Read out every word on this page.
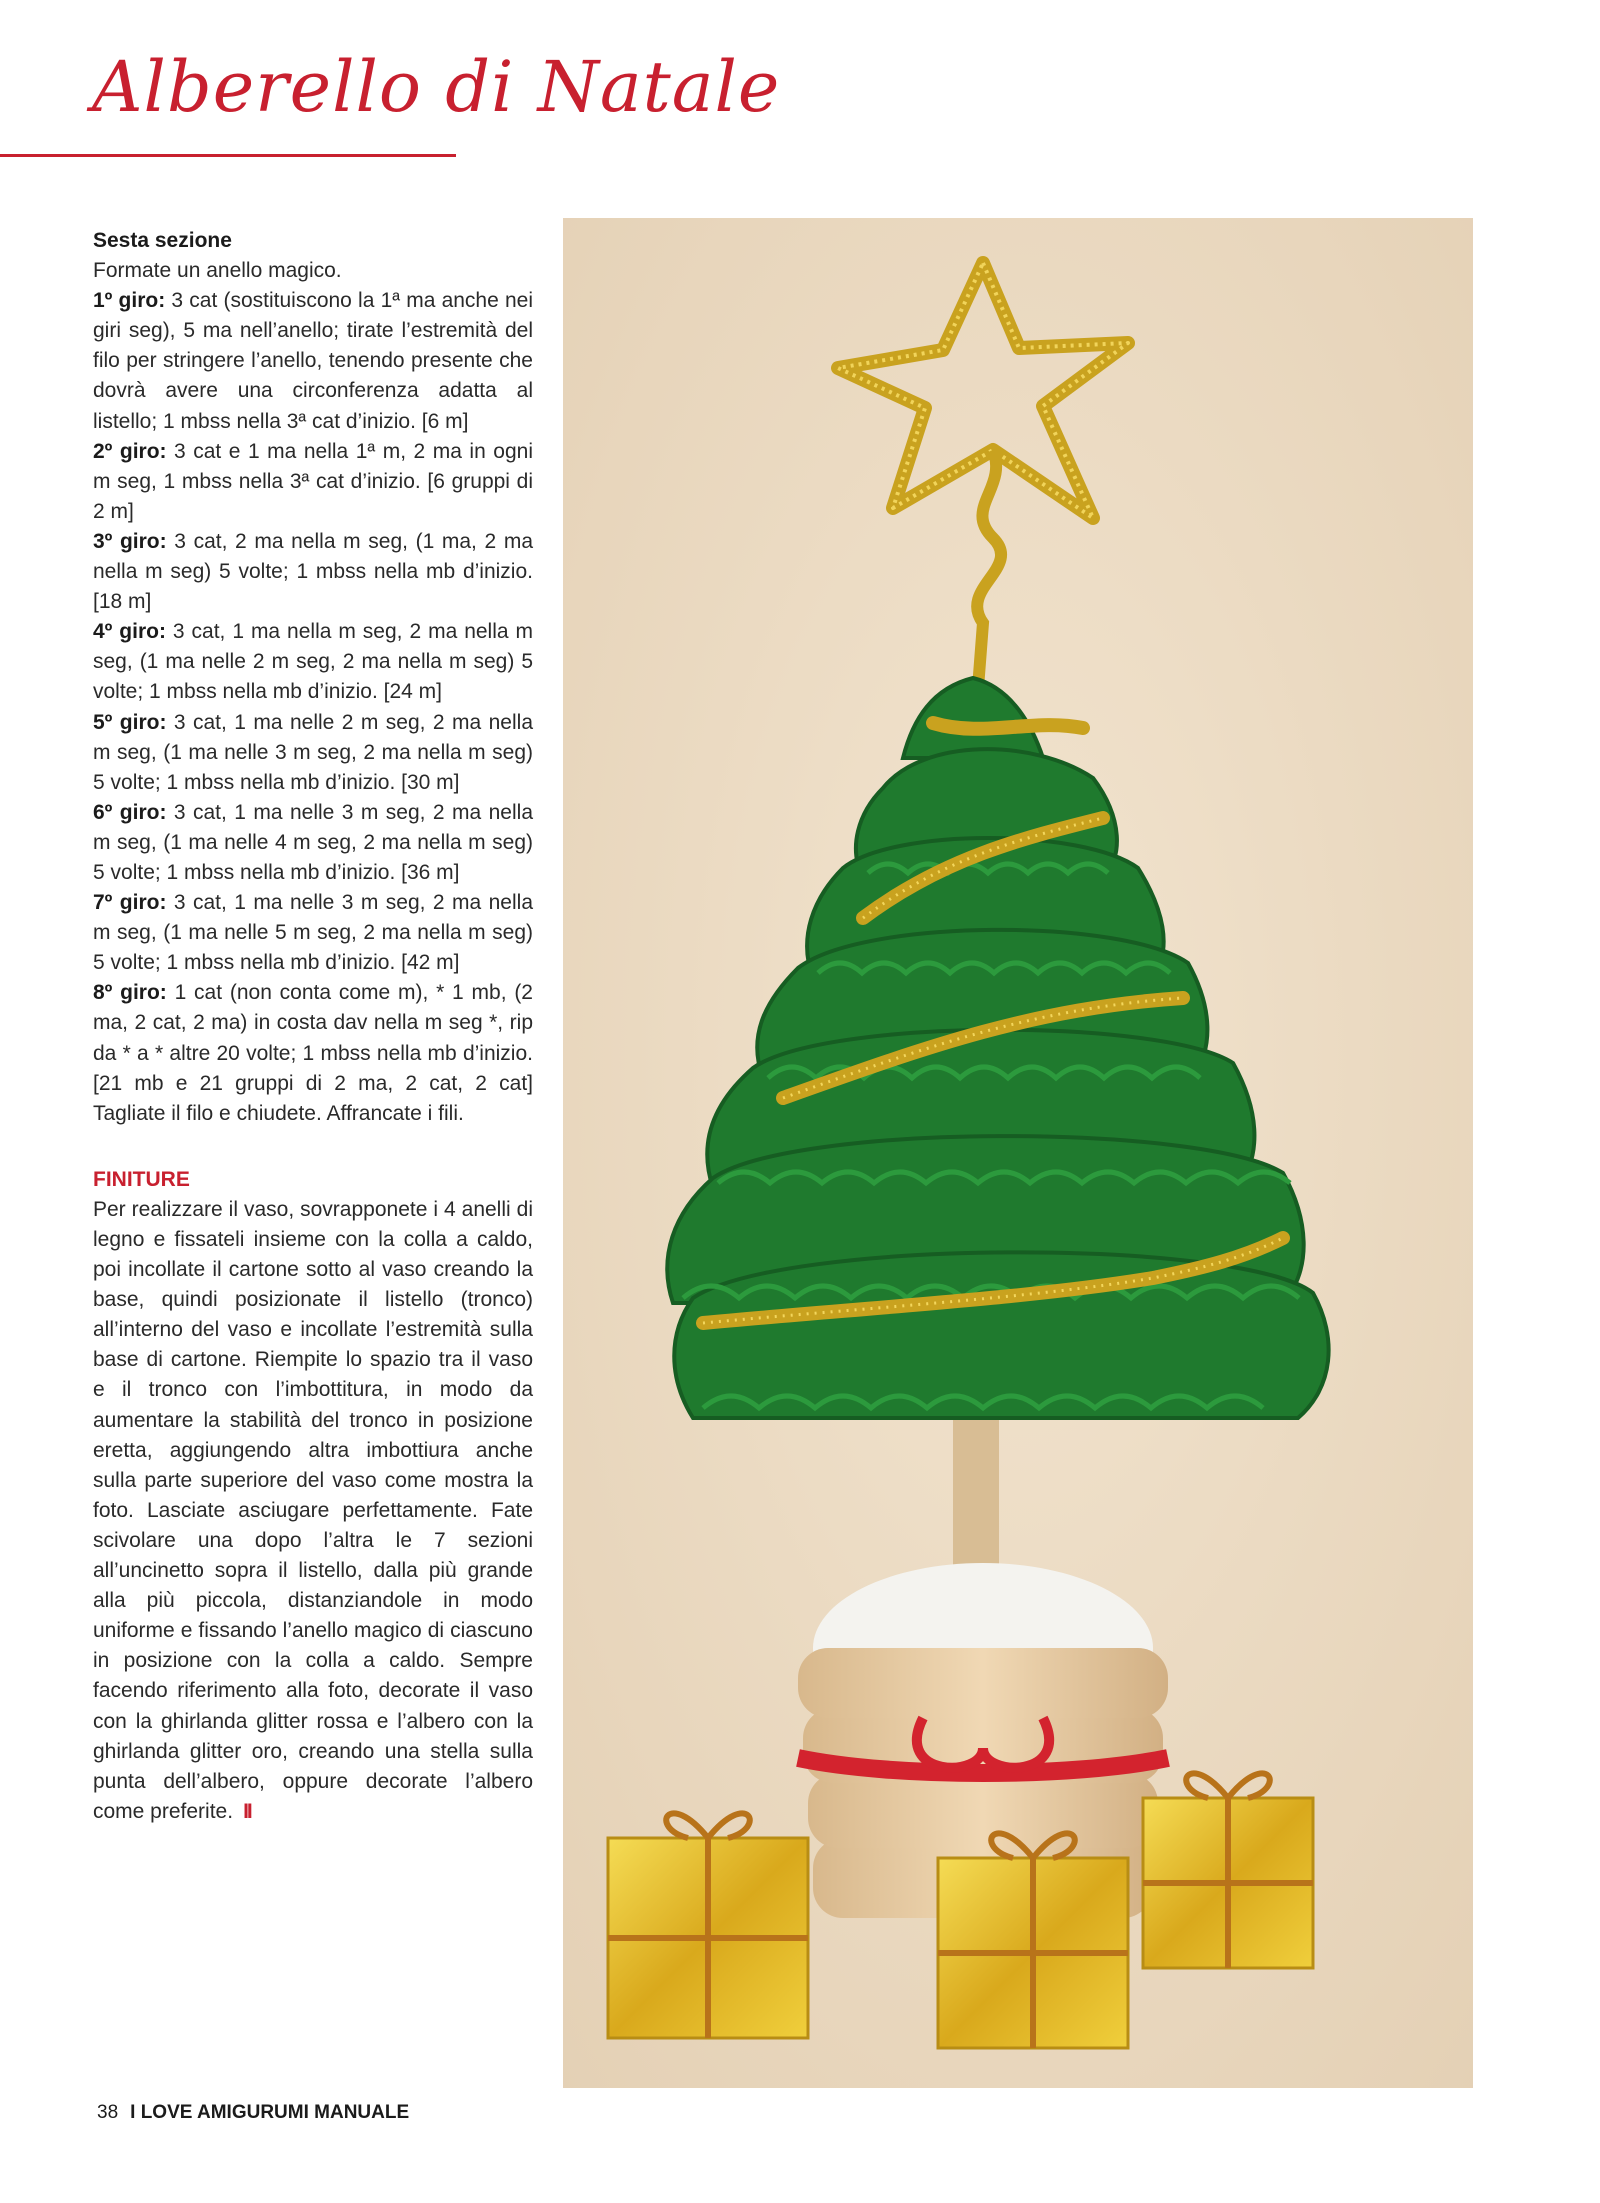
Alberello di Natale

Sesta sezione

Formate un anello magico.

1º giro: 3 cat (sostituiscono la 1ª ma anche nei giri seg), 5 ma nell’anello; tirate l’estremità del filo per stringere l’anello, tenendo presente che dovrà avere una circonferenza adatta al listello; 1 mbss nella 3ª cat d’inizio. [6 m]

2º giro: 3 cat e 1 ma nella 1ª m, 2 ma in ogni m seg, 1 mbss nella 3ª cat d’inizio. [6 gruppi di 2 m]

3º giro: 3 cat, 2 ma nella m seg, (1 ma, 2 ma nella m seg) 5 volte; 1 mbss nella mb d’inizio. [18 m]

4º giro: 3 cat, 1 ma nella m seg, 2 ma nella m seg, (1 ma nelle 2 m seg, 2 ma nella m seg) 5 volte; 1 mbss nella mb d’inizio. [24 m]

5º giro: 3 cat, 1 ma nelle 2 m seg, 2 ma nella m seg, (1 ma nelle 3 m seg, 2 ma nella m seg) 5 volte; 1 mbss nella mb d’inizio. [30 m]

6º giro: 3 cat, 1 ma nelle 3 m seg, 2 ma nella m seg, (1 ma nelle 4 m seg, 2 ma nella m seg) 5 volte; 1 mbss nella mb d’inizio. [36 m]

7º giro: 3 cat, 1 ma nelle 3 m seg, 2 ma nella m seg, (1 ma nelle 5 m seg, 2 ma nella m seg) 5 volte; 1 mbss nella mb d’inizio. [42 m]

8º giro: 1 cat (non conta come m), * 1 mb, (2 ma, 2 cat, 2 ma) in costa dav nella m seg *, rip da * a * altre 20 volte; 1 mbss nella mb d’inizio. [21 mb e 21 gruppi di 2 ma, 2 cat, 2 cat] Tagliate il filo e chiudete. Affrancate i fili.

FINITURE

Per realizzare il vaso, sovrapponete i 4 anelli di legno e fissateli insieme con la colla a caldo, poi incollate il cartone sotto al vaso creando la base, quindi posizionate il listello (tronco) all’interno del vaso e incollate l’estremità sulla base di cartone. Riempite lo spazio tra il vaso e il tronco con l’imbottitura, in modo da aumentare la stabilità del tronco in posizione eretta, aggiungendo altra imbottiura anche sulla parte superiore del vaso come mostra la foto. Lasciate asciugare perfettamente. Fate scivolare una dopo l’altra le 7 sezioni all’uncinetto sopra il listello, dalla più grande alla più piccola, distanziandole in modo uniforme e fissando l’anello magico di ciascuno in posizione con la colla a caldo. Sempre facendo riferimento alla foto, decorate il vaso con la ghirlanda glitter rossa e l’albero con la ghirlanda glitter oro, creando una stella sulla punta dell’albero, oppure decorate l’albero come preferite. II

38 I LOVE AMIGURUMI MANUALE
